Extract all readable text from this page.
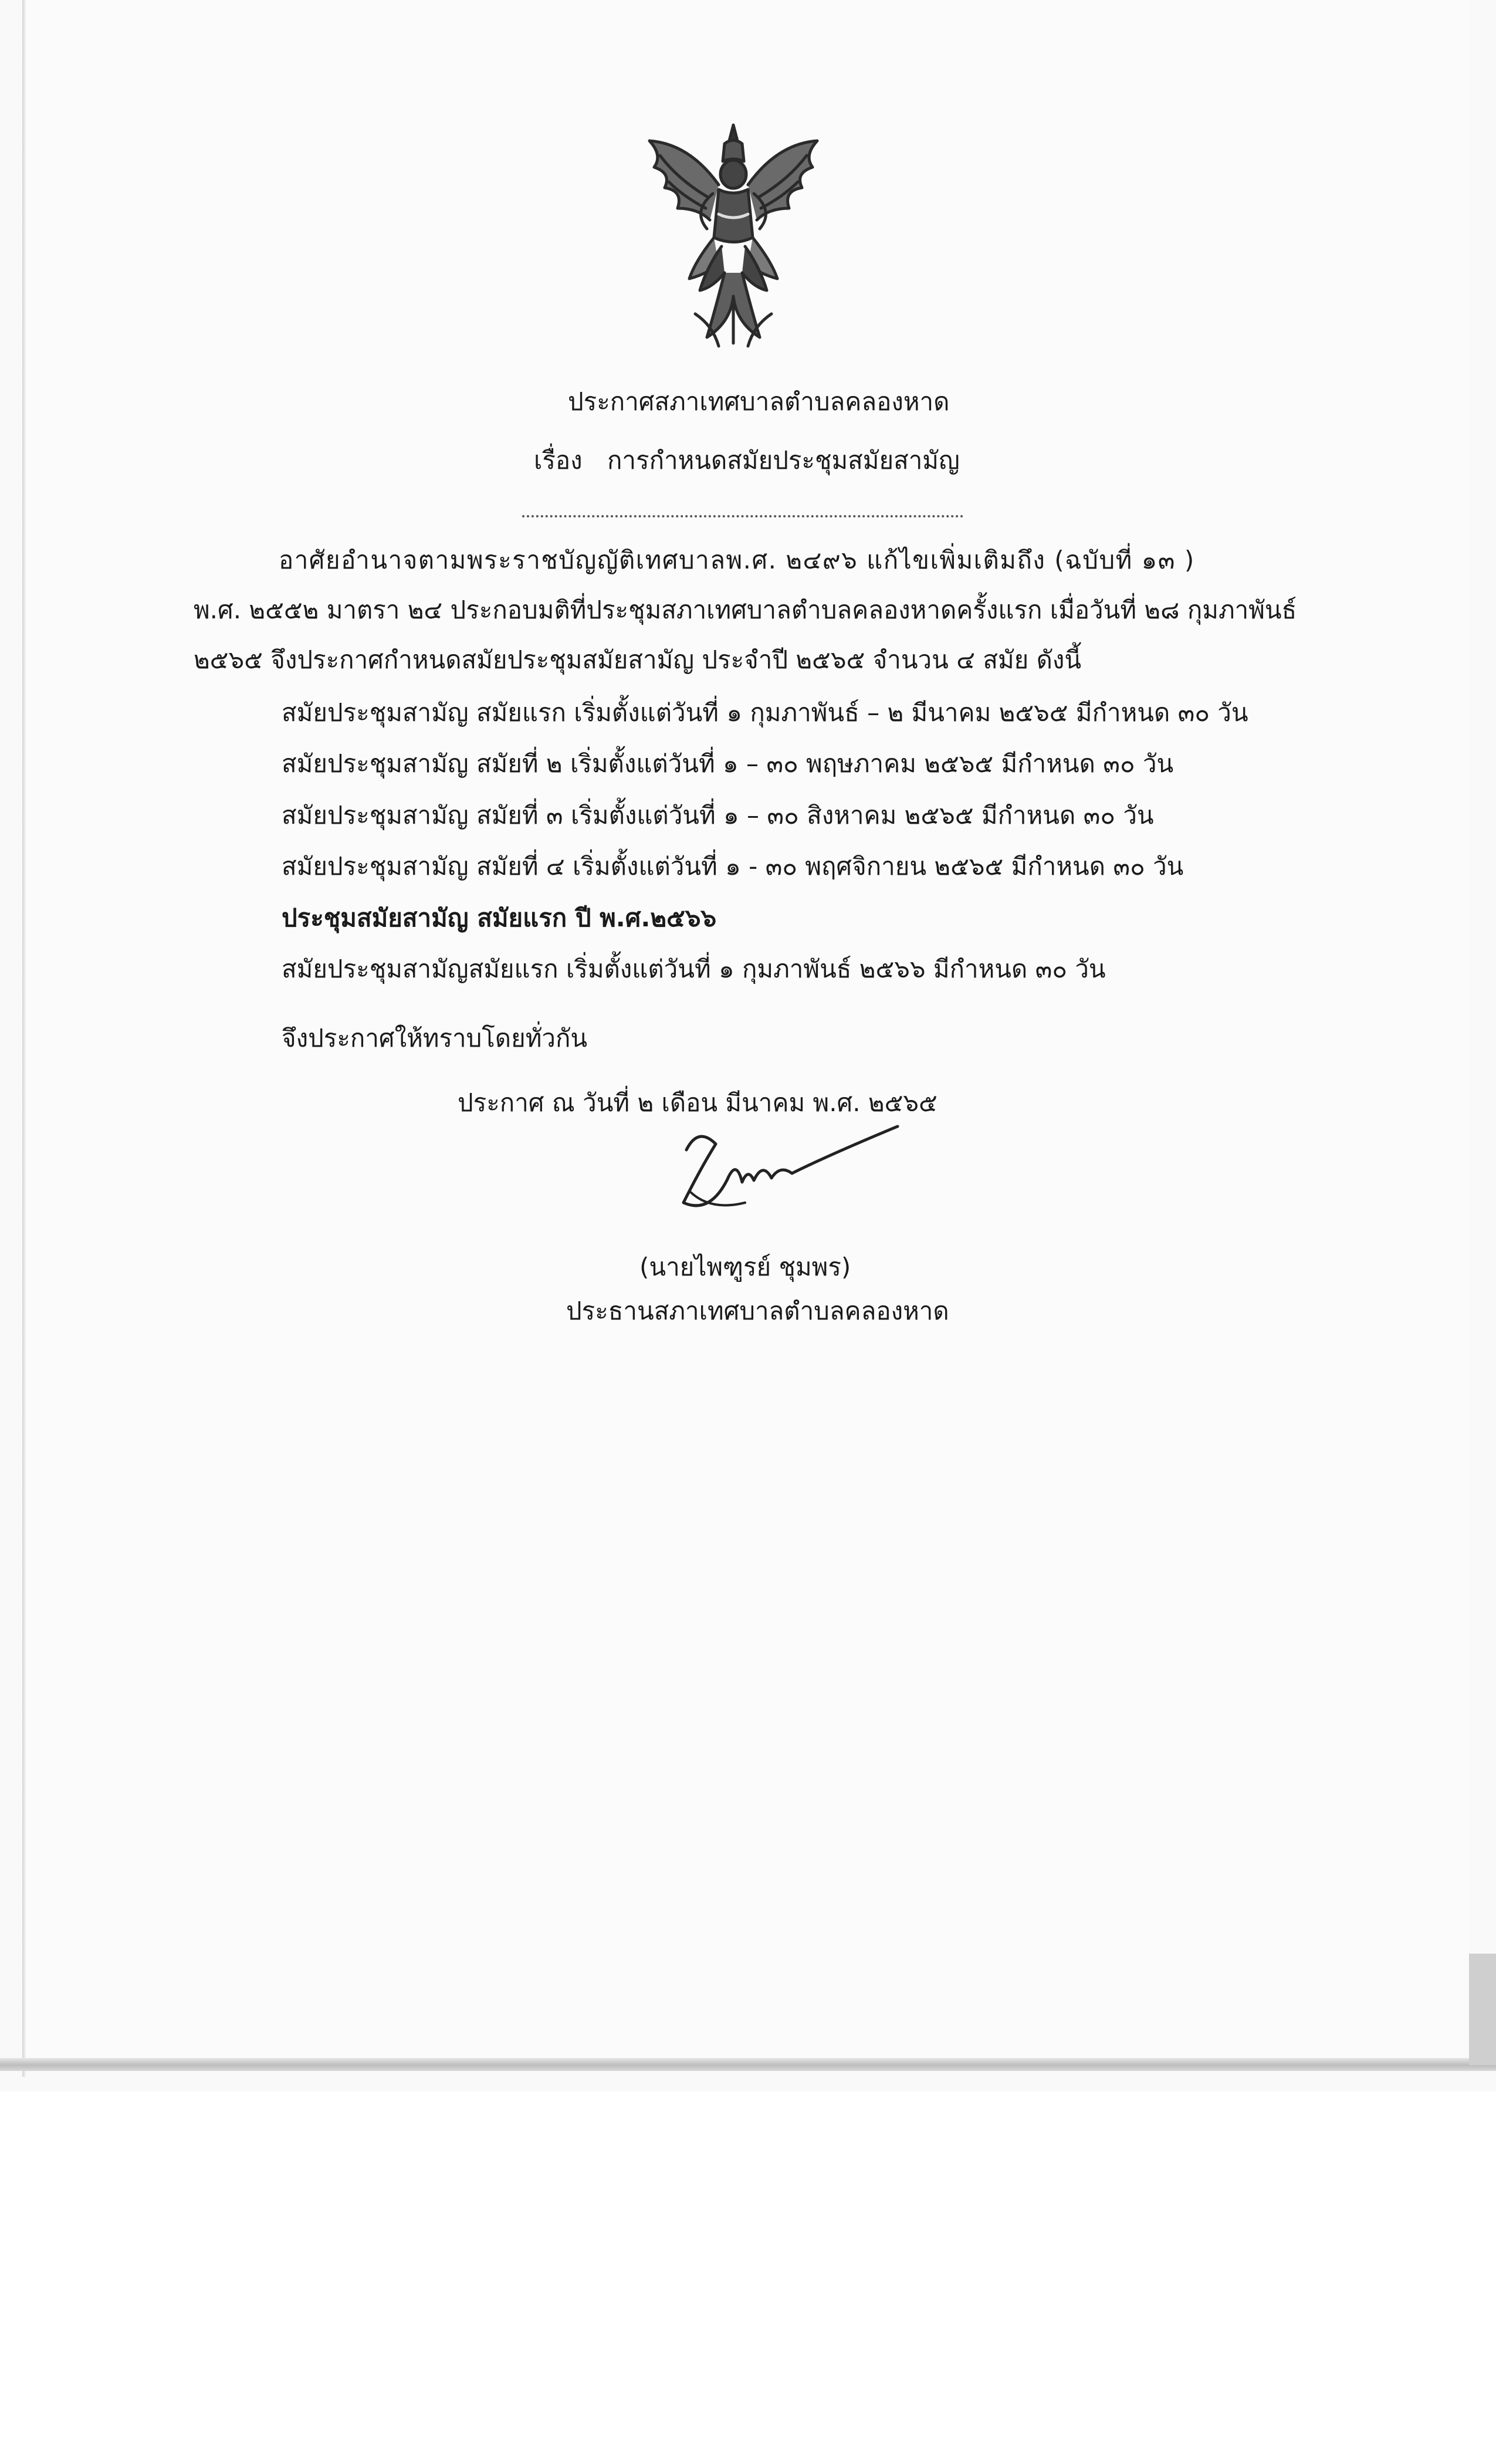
ประกาศสภาเทศบาลตำบลคลองหาด
เรื่อง การกำหนดสมัยประชุมสมัยสามัญ
อาศัยอำนาจตามพระราชบัญญัติเทศบาลพ.ศ. ๒๔๙๖ แก้ไขเพิ่มเติมถึง (ฉบับที่ ๑๓ )
พ.ศ. ๒๕๕๒ มาตรา ๒๔ ประกอบมติที่ประชุมสภาเทศบาลตำบลคลองหาดครั้งแรก เมื่อวันที่ ๒๘ กุมภาพันธ์
๒๕๖๕ จึงประกาศกำหนดสมัยประชุมสมัยสามัญ ประจำปี ๒๕๖๕ จำนวน ๔ สมัย ดังนี้
สมัยประชุมสามัญ สมัยแรก เริ่มตั้งแต่วันที่ ๑ กุมภาพันธ์ – ๒ มีนาคม ๒๕๖๕ มีกำหนด ๓๐ วัน
สมัยประชุมสามัญ สมัยที่ ๒ เริ่มตั้งแต่วันที่ ๑ – ๓๐ พฤษภาคม ๒๕๖๕ มีกำหนด ๓๐ วัน
สมัยประชุมสามัญ สมัยที่ ๓ เริ่มตั้งแต่วันที่ ๑ – ๓๐ สิงหาคม ๒๕๖๕ มีกำหนด ๓๐ วัน
สมัยประชุมสามัญ สมัยที่ ๔ เริ่มตั้งแต่วันที่ ๑ - ๓๐ พฤศจิกายน ๒๕๖๕ มีกำหนด ๓๐ วัน
ประชุมสมัยสามัญ สมัยแรก ปี พ.ศ.๒๕๖๖
สมัยประชุมสามัญสมัยแรก เริ่มตั้งแต่วันที่ ๑ กุมภาพันธ์ ๒๕๖๖ มีกำหนด ๓๐ วัน
จึงประกาศให้ทราบโดยทั่วกัน
ประกาศ ณ วันที่ ๒ เดือน มีนาคม พ.ศ. ๒๕๖๕
(นายไพฑูรย์ ชุมพร)
ประธานสภาเทศบาลตำบลคลองหาด
